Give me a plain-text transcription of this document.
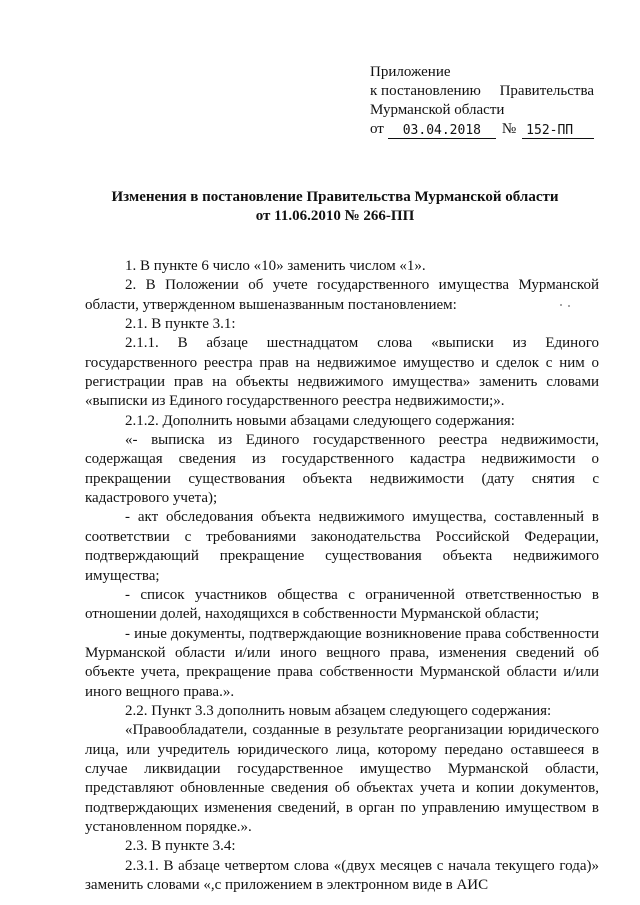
Приложение
к постановлению Правительства
Мурманской области
от	03.04.2018	№ 152-ПП
Изменения в постановление Правительства Мурманской области
от 11.06.2010 № 266-ПП

1. В пункте 6 число «10» заменить числом «1».

2. В Положении об учете государственного имущества Мурманской области, утвержденном вышеназванным постановлением:

2.1. В пункте 3.1:

2.1.1. В абзаце шестнадцатом слова «выписки из Единого государственного реестра прав на недвижимое имущество и сделок с ним о регистрации прав на объекты недвижимого имущества» заменить словами «выписки из Единого государственного реестра недвижимости;».

2.1.2. Дополнить новыми абзацами следующего содержания:

«- выписка из Единого государственного реестра недвижимости, содержащая сведения из государственного кадастра недвижимости о прекращении существования объекта недвижимости (дату снятия с кадастрового учета);

- акт обследования объекта недвижимого имущества, составленный в соответствии с требованиями законодательства Российской Федерации, подтверждающий прекращение существования объекта недвижимого имущества;

- список участников общества с ограниченной ответственностью в отношении долей, находящихся в собственности Мурманской области;

- иные документы, подтверждающие возникновение права собственности Мурманской области и/или иного вещного права, изменения сведений об объекте учета, прекращение права собственности Мурманской области и/или иного вещного права.».

2.2. Пункт 3.3 дополнить новым абзацем следующего содержания:

«Правообладатели, созданные в результате реорганизации юридического лица, или учредитель юридического лица, которому передано оставшееся в случае ликвидации государственное имущество Мурманской области, представляют обновленные сведения об объектах учета и копии документов, подтверждающих изменения сведений, в орган по управлению имуществом в установленном порядке.».

2.3. В пункте 3.4:

2.3.1. В абзаце четвертом слова «(двух месяцев с начала текущего года)» заменить словами «,с приложением в электронном виде в АИС
